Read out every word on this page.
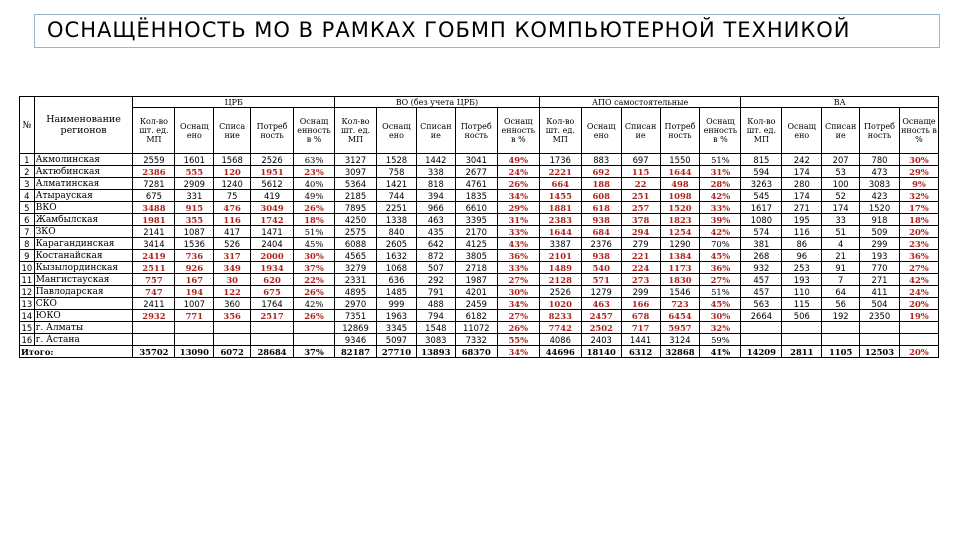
ОСНАЩЁННОСТЬ МО В РАМКАХ ГОБМП КОМПЬЮТЕРНОЙ ТЕХНИКОЙ
№	Наименование регионов	ЦРБ					ВО (без учета ЦРБ)					АПО самостоятельные					ВА				
		Кол-во шт. ед. МП	Оснащ ено	Списа ние	Потреб ность	Оснащ енность в %	Кол-во шт. ед. МП	Оснащ ено	Списан ие	Потреб ность	Оснащ енность в %	Кол-во шт. ед. МП	Оснащ ено	Списан ие	Потреб ность	Оснащ енность в %	Кол-во шт. ед. МП	Оснащ ено	Списан ие	Потреб ность	Оснаще нность в %
1	Акмолинская	2559	1601	1568	2526	63%	3127	1528	1442	3041	49%	1736	883	697	1550	51%	815	242	207	780	30%
2	Актюбинская	2386	555	120	1951	23%	3097	758	338	2677	24%	2221	692	115	1644	31%	594	174	53	473	29%
3	Алматинская	7281	2909	1240	5612	40%	5364	1421	818	4761	26%	664	188	22	498	28%	3263	280	100	3083	9%
4	Атырауская	675	331	75	419	49%	2185	744	394	1835	34%	1455	608	251	1098	42%	545	174	52	423	32%
5	ВКО	3488	915	476	3049	26%	7895	2251	966	6610	29%	1881	618	257	1520	33%	1617	271	174	1520	17%
6	Жамбылская	1981	355	116	1742	18%	4250	1338	463	3395	31%	2383	938	378	1823	39%	1080	195	33	918	18%
7	ЗКО	2141	1087	417	1471	51%	2575	840	435	2170	33%	1644	684	294	1254	42%	574	116	51	509	20%
8	Карагандинская	3414	1536	526	2404	45%	6088	2605	642	4125	43%	3387	2376	279	1290	70%	381	86	4	299	23%
9	Костанайская	2419	736	317	2000	30%	4565	1632	872	3805	36%	2101	938	221	1384	45%	268	96	21	193	36%
10	Кызылординская	2511	926	349	1934	37%	3279	1068	507	2718	33%	1489	540	224	1173	36%	932	253	91	770	27%
11	Мангистауская	757	167	30	620	22%	2331	636	292	1987	27%	2128	571	273	1830	27%	457	193	7	271	42%
12	Павлодарская	747	194	122	675	26%	4895	1485	791	4201	30%	2526	1279	299	1546	51%	457	110	64	411	24%
13	СКО	2411	1007	360	1764	42%	2970	999	488	2459	34%	1020	463	166	723	45%	563	115	56	504	20%
14	ЮКО	2932	771	356	2517	26%	7351	1963	794	6182	27%	8233	2457	678	6454	30%	2664	506	192	2350	19%
15	г. Алматы						12869	3345	1548	11072	26%	7742	2502	717	5957	32%					
16	г. Астана						9346	5097	3083	7332	55%	4086	2403	1441	3124	59%					
Итого:		35702	13090	6072	28684	37%	82187	27710	13893	68370	34%	44696	18140	6312	32868	41%	14209	2811	1105	12503	20%
